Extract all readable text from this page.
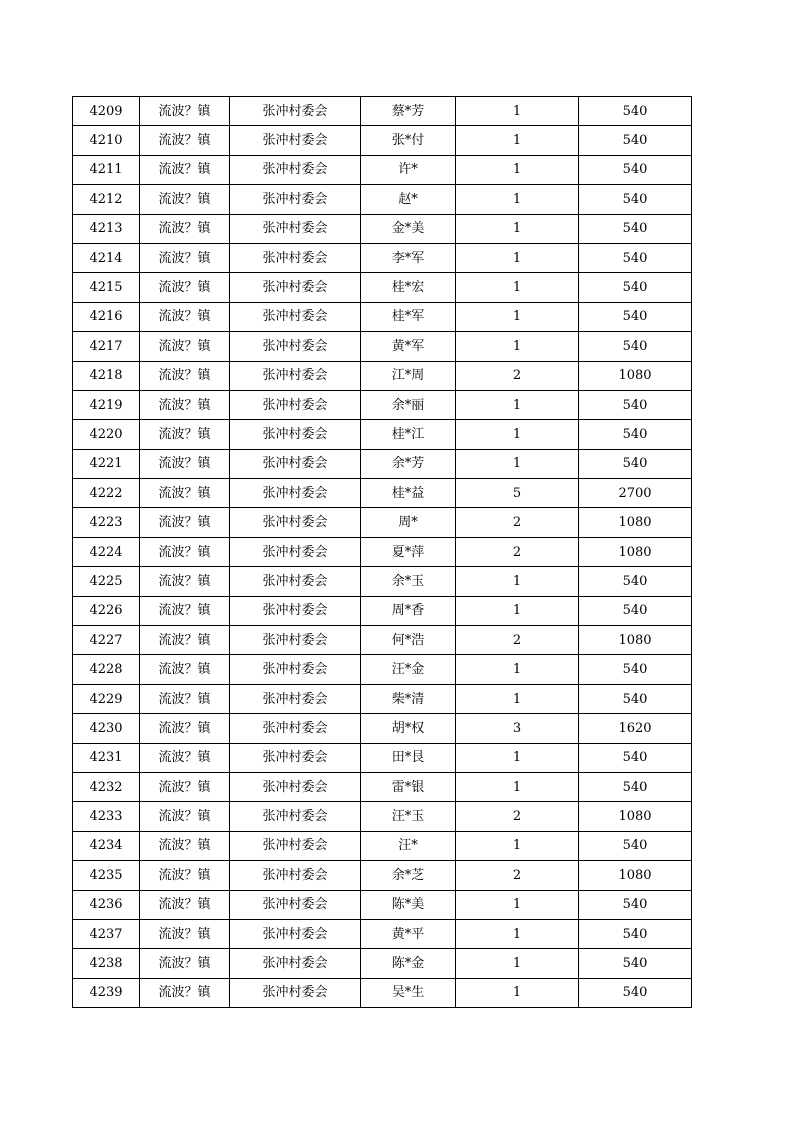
4209	流波？镇	张冲村委会	蔡*芳	1	540
4210	流波？镇	张冲村委会	张*付	1	540
4211	流波？镇	张冲村委会	许*	1	540
4212	流波？镇	张冲村委会	赵*	1	540
4213	流波？镇	张冲村委会	金*美	1	540
4214	流波？镇	张冲村委会	李*军	1	540
4215	流波？镇	张冲村委会	桂*宏	1	540
4216	流波？镇	张冲村委会	桂*军	1	540
4217	流波？镇	张冲村委会	黄*军	1	540
4218	流波？镇	张冲村委会	江*周	2	1080
4219	流波？镇	张冲村委会	余*丽	1	540
4220	流波？镇	张冲村委会	桂*江	1	540
4221	流波？镇	张冲村委会	余*芳	1	540
4222	流波？镇	张冲村委会	桂*益	5	2700
4223	流波？镇	张冲村委会	周*	2	1080
4224	流波？镇	张冲村委会	夏*萍	2	1080
4225	流波？镇	张冲村委会	余*玉	1	540
4226	流波？镇	张冲村委会	周*香	1	540
4227	流波？镇	张冲村委会	何*浩	2	1080
4228	流波？镇	张冲村委会	汪*金	1	540
4229	流波？镇	张冲村委会	柴*清	1	540
4230	流波？镇	张冲村委会	胡*权	3	1620
4231	流波？镇	张冲村委会	田*艮	1	540
4232	流波？镇	张冲村委会	雷*银	1	540
4233	流波？镇	张冲村委会	汪*玉	2	1080
4234	流波？镇	张冲村委会	汪*	1	540
4235	流波？镇	张冲村委会	余*芝	2	1080
4236	流波？镇	张冲村委会	陈*美	1	540
4237	流波？镇	张冲村委会	黄*平	1	540
4238	流波？镇	张冲村委会	陈*金	1	540
4239	流波？镇	张冲村委会	吴*生	1	540
